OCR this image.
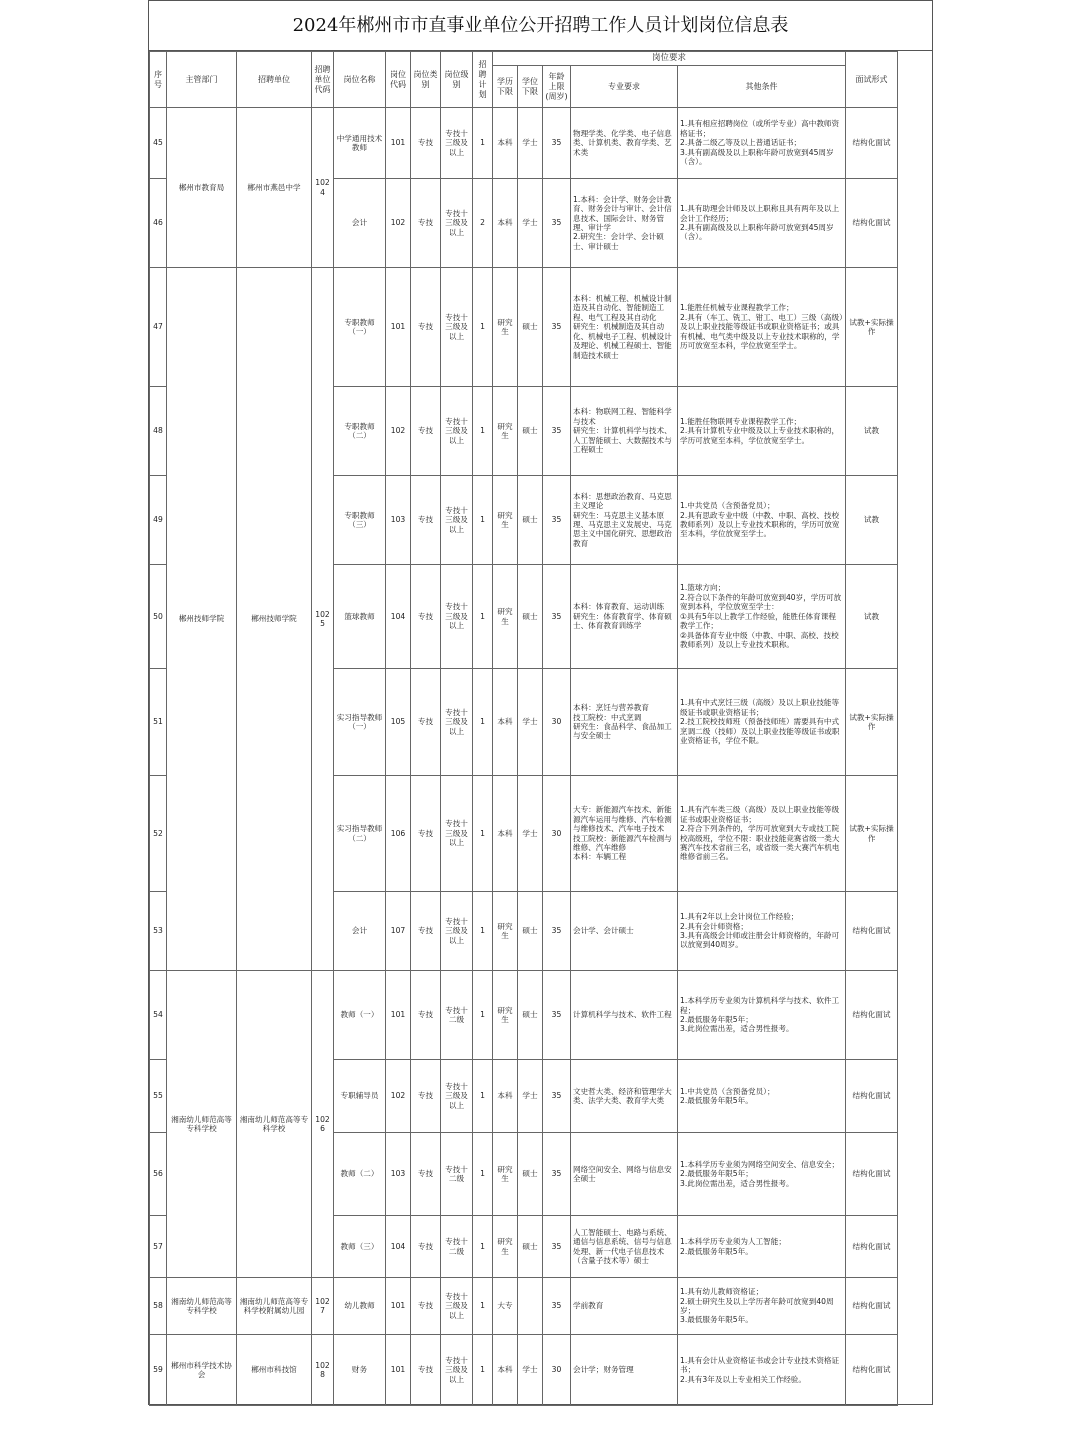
2024年郴州市市直事业单位公开招聘工作人员计划岗位信息表
序号	主管部门	招聘单位	招聘单位代码	岗位名称	岗位代码	岗位类别	岗位级别	招聘计划	岗位要求					面试形式
									学历下限	学位下限	年龄上限(周岁)	专业要求	其他条件	
45	郴州市教育局	郴州市燕邑中学	1024	中学通用技术教师	101	专技	专技十三级及以上	1	本科	学士	35	物理学类、化学类、电子信息类、计算机类、教育学类、艺术类	1.具有相应招聘岗位（或所学专业）高中教师资格证书；
2.具备二级乙等及以上普通话证书；
3.具有副高级及以上职称年龄可放宽到45周岁（含）。	结构化面试
46				会计	102	专技	专技十三级及以上	2	本科	学士	35	1.本科：会计学、财务会计教育、财务会计与审计、会计信息技术、国际会计、财务管理、审计学
2.研究生：会计学、会计硕士、审计硕士	1.具有助理会计师及以上职称且具有两年及以上会计工作经历；
2.具有副高级及以上职称年龄可放宽到45周岁（含）。	结构化面试
47	郴州技师学院	郴州技师学院	1025	专职教师（一）	101	专技	专技十三级及以上	1	研究生	硕士	35	本科：机械工程、机械设计制造及其自动化、智能制造工程、电气工程及其自动化
研究生：机械制造及其自动化、机械电子工程、机械设计及理论、机械工程硕士、智能制造技术硕士	1.能胜任机械专业课程教学工作；
2.具有（车工、铣工、钳工、电工）三级（高级）及以上职业技能等级证书或职业资格证书；或具有机械、电气类中级及以上专业技术职称的，学历可放宽至本科，学位放宽至学士。	试教+实际操作
48				专职教师（二）	102	专技	专技十三级及以上	1	研究生	硕士	35	本科：物联网工程、智能科学与技术
研究生：计算机科学与技术、人工智能硕士、大数据技术与工程硕士	1.能胜任物联网专业课程教学工作；
2.具有计算机专业中级及以上专业技术职称的，学历可放宽至本科，学位放宽至学士。	试教
49				专职教师（三）	103	专技	专技十三级及以上	1	研究生	硕士	35	本科：思想政治教育、马克思主义理论
研究生：马克思主义基本原理、马克思主义发展史、马克思主义中国化研究、思想政治教育	1.中共党员（含预备党员）；
2.具有思政专业中级（中教、中职、高校、技校教师系列）及以上专业技术职称的，学历可放宽至本科，学位放宽至学士。	试教
50				篮球教师	104	专技	专技十三级及以上	1	研究生	硕士	35	本科：体育教育、运动训练
研究生：体育教育学、体育硕士、体育教育训练学	1.篮球方向；
2.符合以下条件的年龄可放宽到40岁，学历可放宽到本科，学位放宽至学士：
①具有5年以上教学工作经验，能胜任体育课程教学工作；
②具备体育专业中级（中教、中职、高校、技校教师系列）及以上专业技术职称。	试教
51				实习指导教师（一）	105	专技	专技十三级及以上	1	本科	学士	30	本科：烹饪与营养教育
技工院校：中式烹调
研究生：食品科学、食品加工与安全硕士	1.具有中式烹饪三级（高级）及以上职业技能等级证书或职业资格证书；
2.技工院校技师班（预备技师班）需要具有中式烹调二级（技师）及以上职业技能等级证书或职业资格证书，学位不限。	试教+实际操作
52				实习指导教师（二）	106	专技	专技十三级及以上	1	本科	学士	30	大专：新能源汽车技术、新能源汽车运用与维修、汽车检测与维修技术、汽车电子技术
技工院校：新能源汽车检测与维修、汽车维修
本科：车辆工程	1.具有汽车类三级（高级）及以上职业技能等级证书或职业资格证书；
2.符合下列条件的，学历可放宽到大专或技工院校高级班，学位不限：职业技能竞赛省级一类大赛汽车技术省前三名，或省级一类大赛汽车机电维修省前三名。	试教+实际操作
53				会计	107	专技	专技十三级及以上	1	研究生	硕士	35	会计学、会计硕士	1.具有2年以上会计岗位工作经验；
2.具有会计师资格；
3.具有高级会计师或注册会计师资格的，年龄可以放宽到40周岁。	结构化面试
54	湘南幼儿师范高等专科学校	湘南幼儿师范高等专科学校	1026	教师（一）	101	专技	专技十二级	1	研究生	硕士	35	计算机科学与技术、软件工程	1.本科学历专业须为计算机科学与技术、软件工程；
2.最低服务年限5年；
3.此岗位需出差，适合男性报考。	结构化面试
55				专职辅导员	102	专技	专技十三级及以上	1	本科	学士	35	文史哲大类、经济和管理学大类、法学大类、教育学大类	1.中共党员（含预备党员）；
2.最低服务年限5年。	结构化面试
56				教师（二）	103	专技	专技十二级	1	研究生	硕士	35	网络空间安全、网络与信息安全硕士	1.本科学历专业须为网络空间安全、信息安全；
2.最低服务年限5年；
3.此岗位需出差，适合男性报考。	结构化面试
57				教师（三）	104	专技	专技十二级	1	研究生	硕士	35	人工智能硕士、电路与系统、通信与信息系统、信号与信息处理、新一代电子信息技术（含量子技术等）硕士	1.本科学历专业须为人工智能；
2.最低服务年限5年。	结构化面试
58	湘南幼儿师范高等专科学校	湘南幼儿师范高等专科学校附属幼儿园	1027	幼儿教师	101	专技	专技十三级及以上	1	大专		35	学前教育	1.具有幼儿教师资格证；
2.硕士研究生及以上学历者年龄可放宽到40周岁；
3.最低服务年限5年。	结构化面试
59	郴州市科学技术协会	郴州市科技馆	1028	财务	101	专技	专技十三级及以上	1	本科	学士	30	会计学；财务管理	1.具有会计从业资格证书或会计专业技术资格证书；
2.具有3年及以上专业相关工作经验。	结构化面试
